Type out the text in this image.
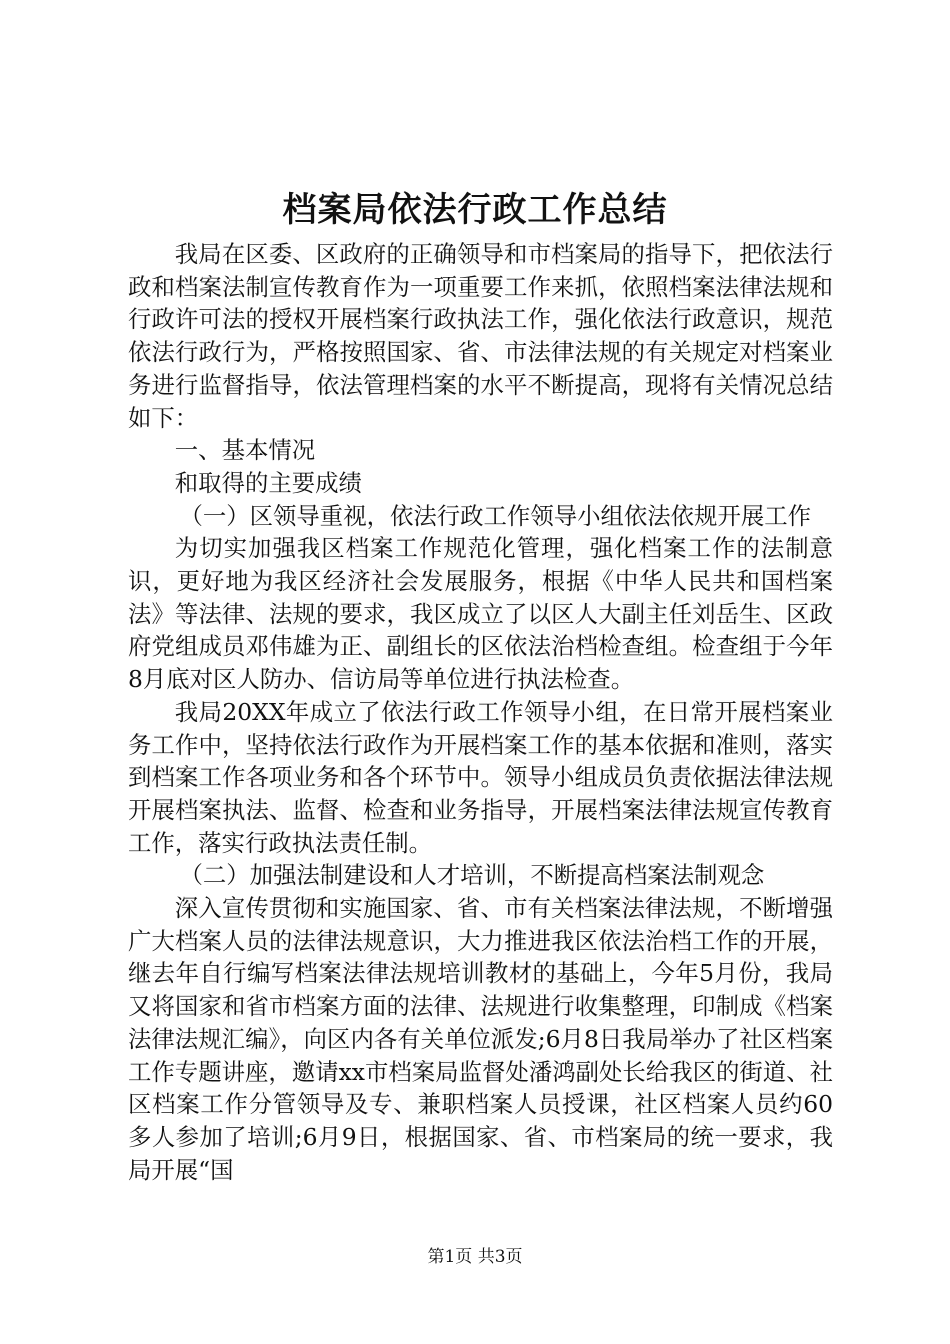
档案局依法行政工作总结

我局在区委、区政府的正确领导和市档案局的指导下，把依法行政和档案法制宣传教育作为一项重要工作来抓，依照档案法律法规和行政许可法的授权开展档案行政执法工作，强化依法行政意识，规范依法行政行为，严格按照国家、省、市法律法规的有关规定对档案业务进行监督指导，依法管理档案的水平不断提高，现将有关情况总结如下：

一、基本情况

和取得的主要成绩

（一）区领导重视，依法行政工作领导小组依法依规开展工作

为切实加强我区档案工作规范化管理，强化档案工作的法制意识，更好地为我区经济社会发展服务，根据《中华人民共和国档案法》等法律、法规的要求，我区成立了以区人大副主任刘岳生、区政府党组成员邓伟雄为正、副组长的区依法治档检查组。检查组于今年8月底对区人防办、信访局等单位进行执法检查。

我局20XX年成立了依法行政工作领导小组，在日常开展档案业务工作中，坚持依法行政作为开展档案工作的基本依据和准则，落实到档案工作各项业务和各个环节中。领导小组成员负责依据法律法规开展档案执法、监督、检查和业务指导，开展档案法律法规宣传教育工作，落实行政执法责任制。

（二）加强法制建设和人才培训，不断提高档案法制观念

深入宣传贯彻和实施国家、省、市有关档案法律法规，不断增强广大档案人员的法律法规意识，大力推进我区依法治档工作的开展，继去年自行编写档案法律法规培训教材的基础上，今年5月份，我局又将国家和省市档案方面的法律、法规进行收集整理，印制成《档案法律法规汇编》，向区内各有关单位派发;6月8日我局举办了社区档案工作专题讲座，邀请xx市档案局监督处潘鸿副处长给我区的街道、社区档案工作分管领导及专、兼职档案人员授课，社区档案人员约60多人参加了培训;6月9日，根据国家、省、市档案局的统一要求，我局开展“国

第1页 共3页
